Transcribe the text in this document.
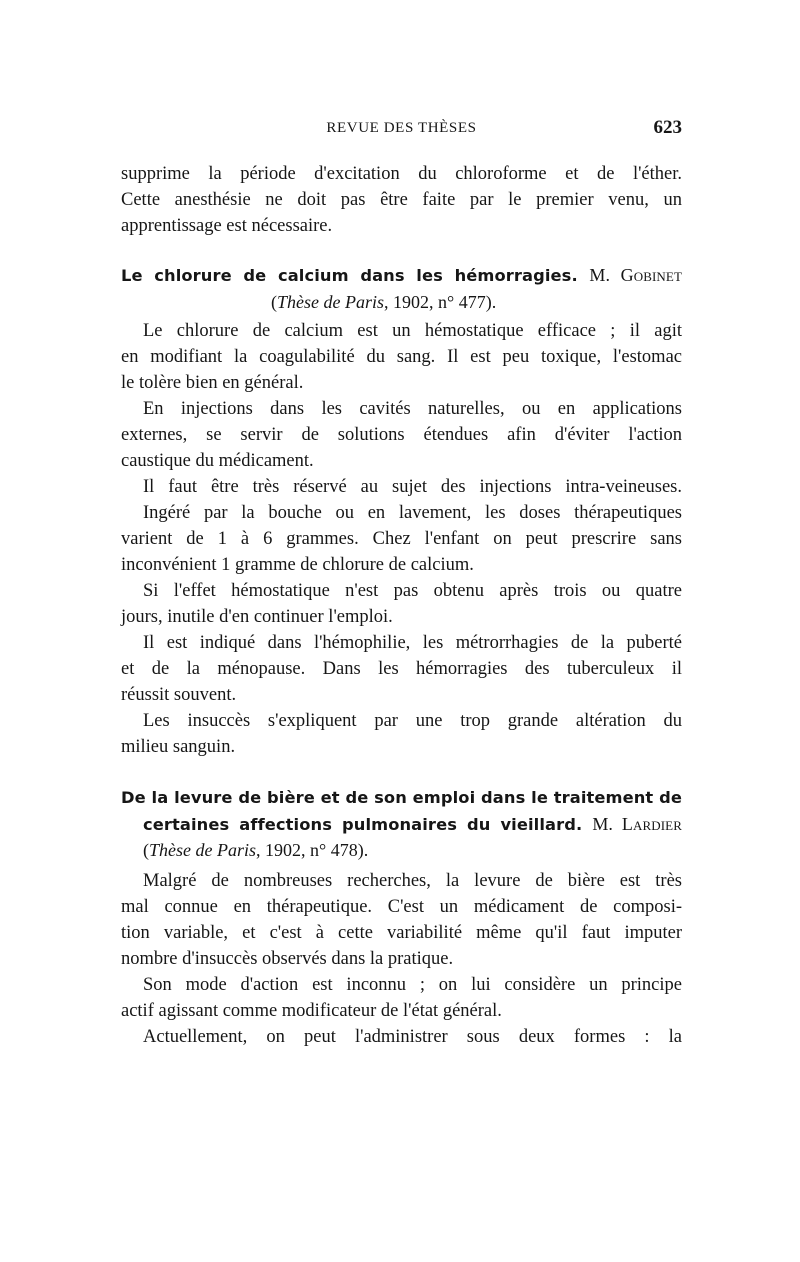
REVUE DES THÈSES	623
supprime la période d'excitation du chloroforme et de l'éther.
Cette anesthésie ne doit pas être faite par le premier venu, un
apprentissage est nécessaire.
Le chlorure de calcium dans les hémorragies. M. Gobinet
(Thèse de Paris, 1902, n° 477).
Le chlorure de calcium est un hémostatique efficace ; il agit
en modifiant la coagulabilité du sang. Il est peu toxique, l'estomac
le tolère bien en général.
En injections dans les cavités naturelles, ou en applications
externes, se servir de solutions étendues afin d'éviter l'action
caustique du médicament.
Il faut être très réservé au sujet des injections intra-veineuses.
Ingéré par la bouche ou en lavement, les doses thérapeutiques
varient de 1 à 6 grammes. Chez l'enfant on peut prescrire sans
inconvénient 1 gramme de chlorure de calcium.
Si l'effet hémostatique n'est pas obtenu après trois ou quatre
jours, inutile d'en continuer l'emploi.
Il est indiqué dans l'hémophilie, les métrorrhagies de la puberté
et de la ménopause. Dans les hémorragies des tuberculeux il
réussit souvent.
Les insuccès s'expliquent par une trop grande altération du
milieu sanguin.
De la levure de bière et de son emploi dans le traitement de
certaines affections pulmonaires du vieillard. M. Lardier
(Thèse de Paris, 1902, n° 478).
Malgré de nombreuses recherches, la levure de bière est très
mal connue en thérapeutique. C'est un médicament de composi-
tion variable, et c'est à cette variabilité même qu'il faut imputer
nombre d'insuccès observés dans la pratique.
Son mode d'action est inconnu ; on lui considère un principe
actif agissant comme modificateur de l'état général.
Actuellement, on peut l'administrer sous deux formes : la
